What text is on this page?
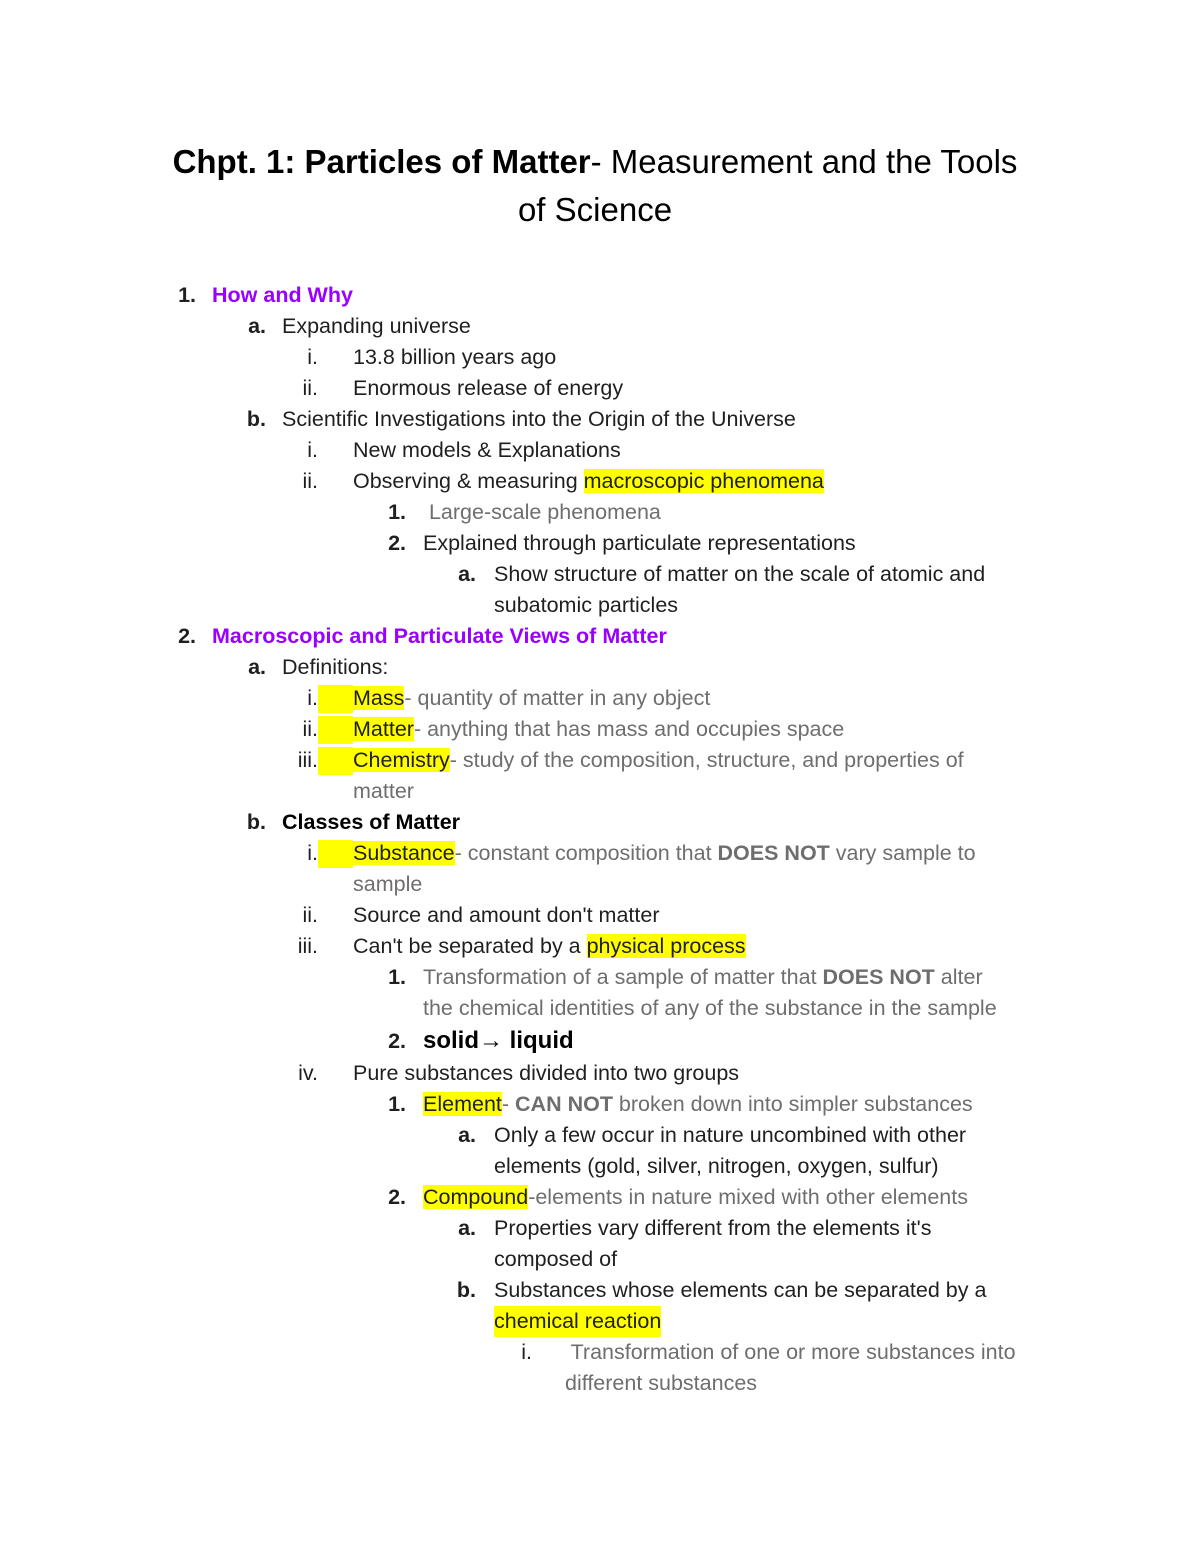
Chpt. 1: Particles of Matter- Measurement and the Tools
of Science
1. How and Why
a. Expanding universe
i. 13.8 billion years ago
ii. Enormous release of energy
b. Scientific Investigations into the Origin of the Universe
i. New models & Explanations
ii. Observing & measuring macroscopic phenomena
1. Large-scale phenomena
2. Explained through particulate representations
a. Show structure of matter on the scale of atomic and
subatomic particles
2. Macroscopic and Particulate Views of Matter
a. Definitions:
i. Mass- quantity of matter in any object
ii. Matter- anything that has mass and occupies space
iii. Chemistry- study of the composition, structure, and properties of
matter
b. Classes of Matter
i. Substance- constant composition that DOES NOT vary sample to
sample
ii. Source and amount don't matter
iii. Can't be separated by a physical process
1. Transformation of a sample of matter that DOES NOT alter
the chemical identities of any of the substance in the sample
2. solid→ liquid
iv. Pure substances divided into two groups
1. Element- CAN NOT broken down into simpler substances
a. Only a few occur in nature uncombined with other
elements (gold, silver, nitrogen, oxygen, sulfur)
2. Compound-elements in nature mixed with other elements
a. Properties vary different from the elements it's
composed of
b. Substances whose elements can be separated by a
chemical reaction
i. Transformation of one or more substances into
different substances
